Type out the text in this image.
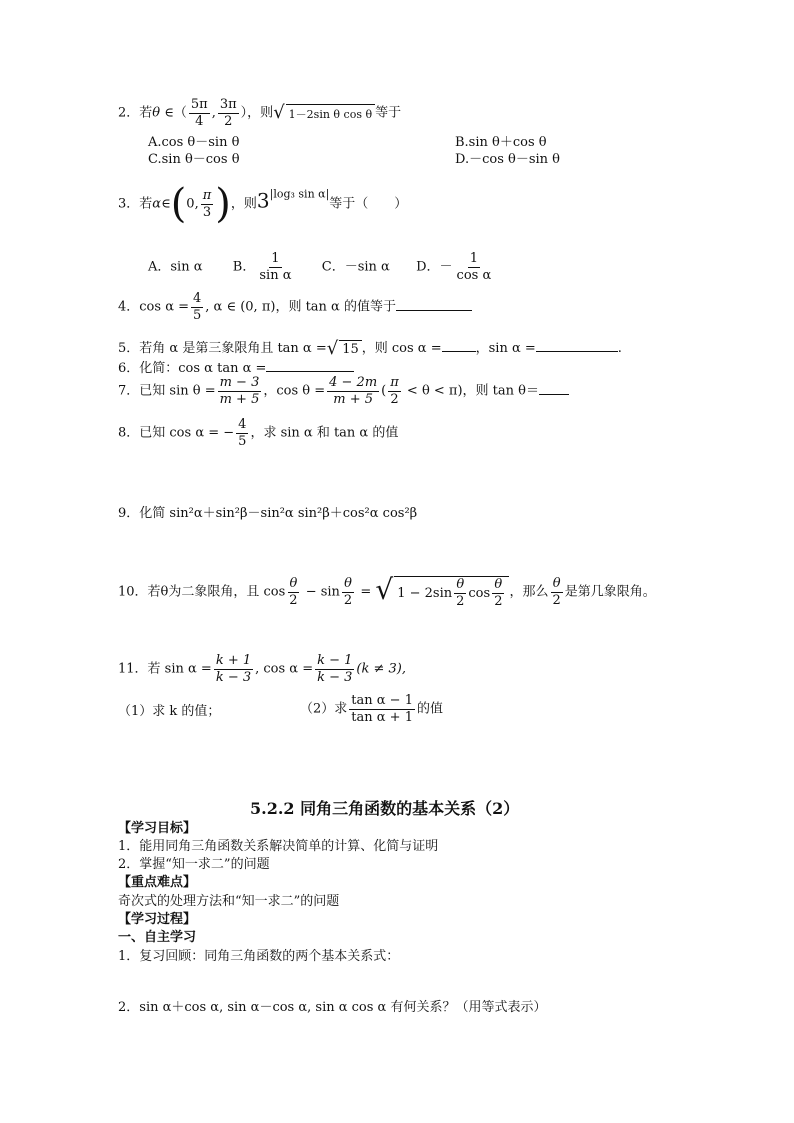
2．若θ ∈（ $\frac{5\pi}{4}$ , $\frac{3\pi}{2}$ ），则 √ 1－2sin θ cos θ 等于
A.cos θ－sin θ	B.sin θ＋cos θ
C.sin θ－cos θ	D.－cos θ－sin θ
3．若α∈(0, $\frac{\pi}{3}$ )，则$3^{|log_3 sin \alpha|}$等于（　　）
A．sin α B． $\frac{1}{\text{sin α}}$ C．－sin α D．－ $\frac{1}{\text{cos α}}$
4．$\cos \alpha = \frac{4}{5}$ , α ∈ (0, π)，则 tan α 的值等于
5．若角 α 是第三象限角且 tan α = √ 15 ，则 cos α =	，sin α =	.
6．化简：cos α tan α =
7．已知 $\sin \theta = \frac{m - 3}{m + 5}$ ，$\cos \theta = \frac{4 - 2m}{m + 5}$ ( $\frac{\pi}{2} < \theta < \pi$)，则 tan θ＝
8．已知 cos α = − $\frac{4}{5}$ ，求 sin α 和 tan α 的值
9．化简 sin²α＋sin²β－sin²α sin²β＋cos²α cos²β
10．若θ为二象限角，且 $\cos \frac{\theta}{2} - \sin \frac{\theta}{2}$ = √ $1 - 2\sin \frac{\theta}{2}$ $\cos \frac{\theta}{2}$ ，那么 $\frac{\theta}{2}$ 是第几象限角。
11．若 $\sin \alpha = \frac{k + 1}{k - 3}$ , $\cos \alpha = \frac{k - 1}{k - 3} (k \ne 3)$,
（1）求 k 的值；	（2）求 $\frac{\text{tan α − 1}}{\text{tan α + 1}}$ 的值
5.2.2 同角三角函数的基本关系（2）
【学习目标】
1．能用同角三角函数关系解决简单的计算、化简与证明
2．掌握“知一求二”的问题
【重点难点】
奇次式的处理方法和“知一求二”的问题
【学习过程】
一、自主学习
1．复习回顾：同角三角函数的两个基本关系式：
2．sin α＋cos α, sin α－cos α, sin α cos α 有何关系？（用等式表示）
